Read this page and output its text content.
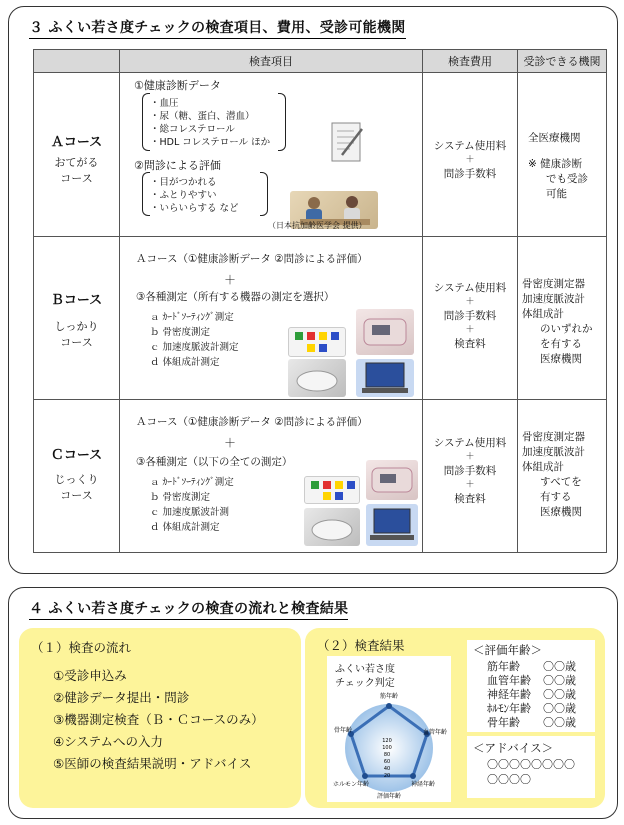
３ ふくい若さ度チェックの検査項目、費用、受診可能機関
検査項目	検査費用	受診できる機関
Ａコース
おてがる
コース
①健康診断データ
・血圧
・尿（糖、蛋白、潜血）
・総コレステロール
・HDL コレステロール ほか
②問診による評価
・目がつかれる
・ふとりやすい
・いらいらする など
（日本抗加齢医学会 提供）
システム使用料
＋
問診手数料
全医療機関
※ 健康診断
でも受診
可能
Ｂコース
しっかり
コース
Ａコース（①健康診断データ ②問診による評価）
＋
③各種測定（所有する機器の測定を選択）
ａ ｶｰﾄﾞｿｰﾃｨﾝｸﾞ測定
ｂ 骨密度測定
ｃ 加速度脈波計測定
ｄ 体組成計測定
システム使用料
＋
問診手数料
＋
検査料
骨密度測定器
加速度脈波計
体組成計
のいずれか
を有する
医療機関
Ｃコース
じっくり
コース
Ａコース（①健康診断データ ②問診による評価）
＋
③各種測定（以下の全ての測定）
ａ ｶｰﾄﾞｿｰﾃｨﾝｸﾞ測定
ｂ 骨密度測定
ｃ 加速度脈波計測
ｄ 体組成計測定
システム使用料
＋
問診手数料
＋
検査料
骨密度測定器
加速度脈波計
体組成計
すべてを
有する
医療機関
４ ふくい若さ度チェックの検査の流れと検査結果
（１）検査の流れ
①受診申込み
②健診データ提出・問診
③機器測定検査（Ｂ・Ｃコースのみ）
④システムへの入力
⑤医師の検査結果説明・アドバイス
（２）検査結果
ふくい若さ度
チェック判定
筋年齢
血管年齢
神経年齢
ホルモン年齢
骨年齢
120
100
80
60
40
20
評価年齢
＜評価年齢＞
筋年齢 〇〇歳
血管年齢 〇〇歳
神経年齢 〇〇歳
ﾎﾙﾓﾝ年齢 〇〇歳
骨年齢 〇〇歳
＜アドバイス＞
〇〇〇〇〇〇〇〇
〇〇〇〇
